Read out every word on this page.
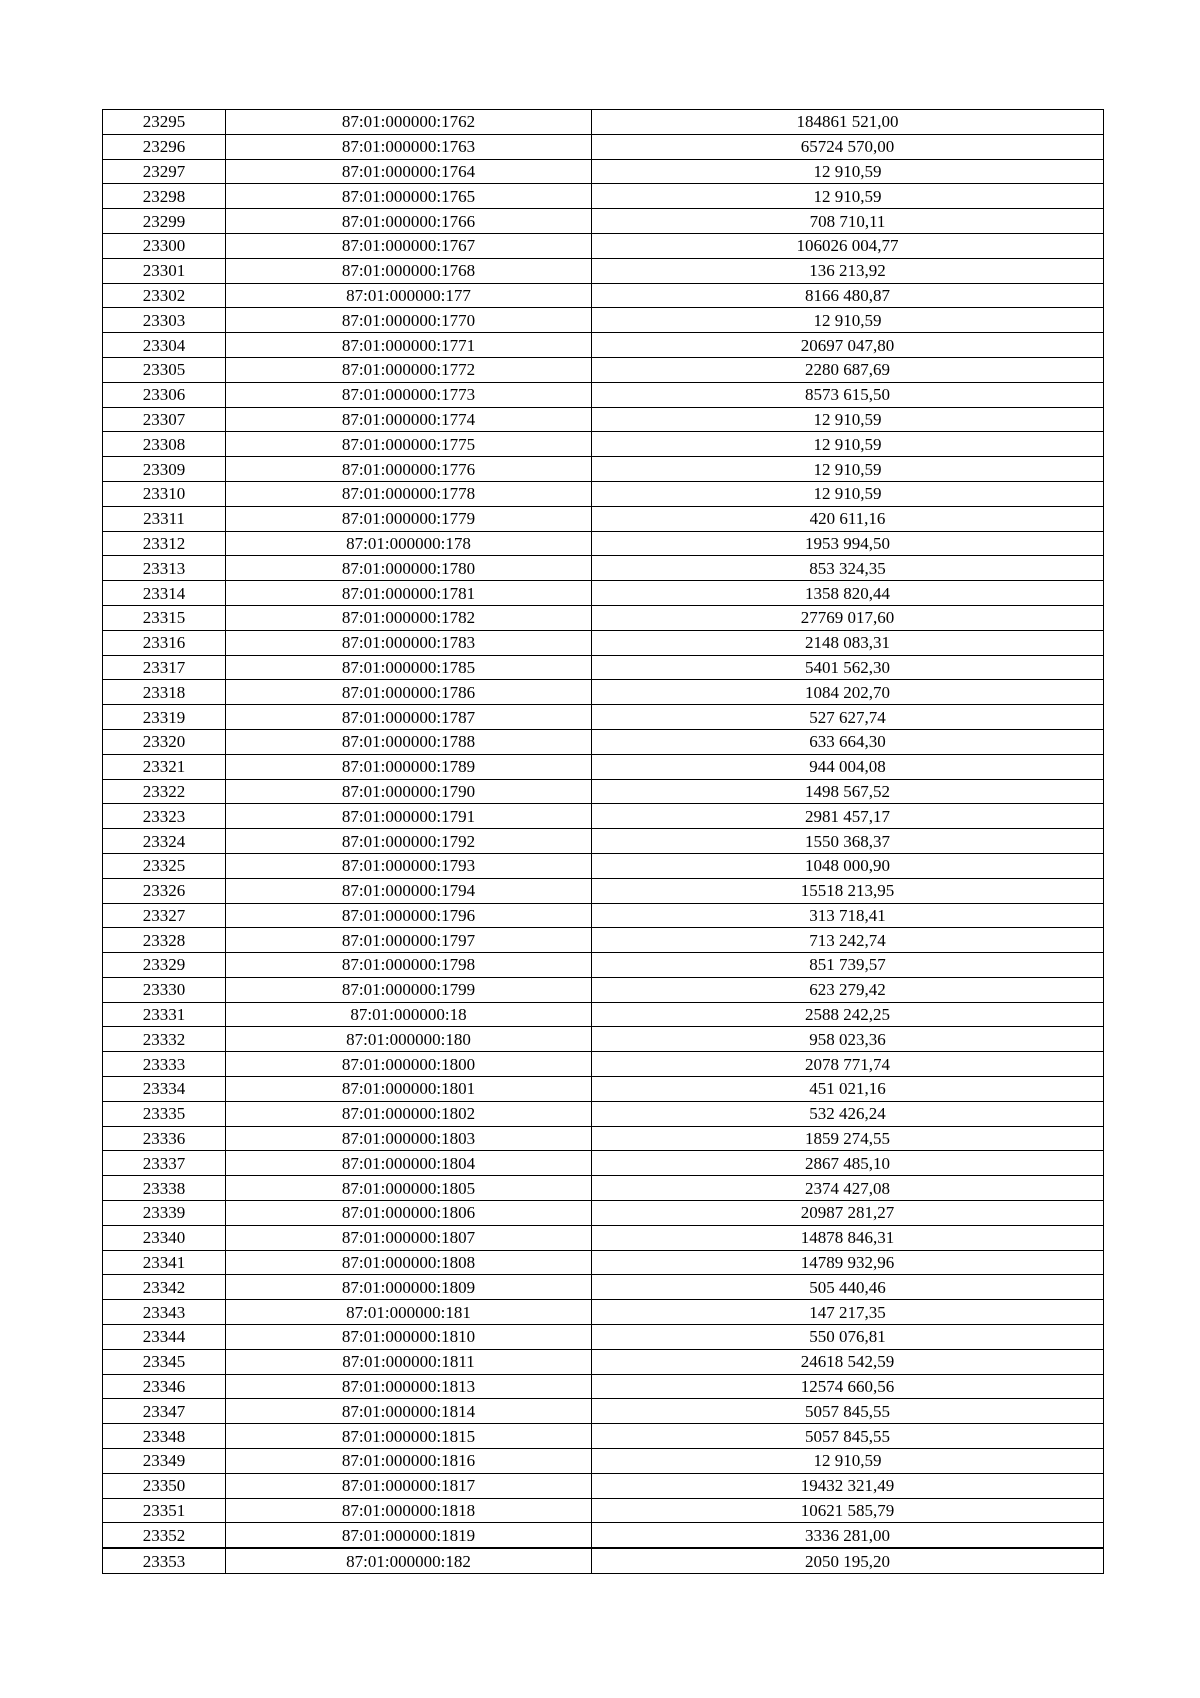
23295	87:01:000000:1762	184861 521,00
23296	87:01:000000:1763	65724 570,00
23297	87:01:000000:1764	12 910,59
23298	87:01:000000:1765	12 910,59
23299	87:01:000000:1766	708 710,11
23300	87:01:000000:1767	106026 004,77
23301	87:01:000000:1768	136 213,92
23302	87:01:000000:177	8166 480,87
23303	87:01:000000:1770	12 910,59
23304	87:01:000000:1771	20697 047,80
23305	87:01:000000:1772	2280 687,69
23306	87:01:000000:1773	8573 615,50
23307	87:01:000000:1774	12 910,59
23308	87:01:000000:1775	12 910,59
23309	87:01:000000:1776	12 910,59
23310	87:01:000000:1778	12 910,59
23311	87:01:000000:1779	420 611,16
23312	87:01:000000:178	1953 994,50
23313	87:01:000000:1780	853 324,35
23314	87:01:000000:1781	1358 820,44
23315	87:01:000000:1782	27769 017,60
23316	87:01:000000:1783	2148 083,31
23317	87:01:000000:1785	5401 562,30
23318	87:01:000000:1786	1084 202,70
23319	87:01:000000:1787	527 627,74
23320	87:01:000000:1788	633 664,30
23321	87:01:000000:1789	944 004,08
23322	87:01:000000:1790	1498 567,52
23323	87:01:000000:1791	2981 457,17
23324	87:01:000000:1792	1550 368,37
23325	87:01:000000:1793	1048 000,90
23326	87:01:000000:1794	15518 213,95
23327	87:01:000000:1796	313 718,41
23328	87:01:000000:1797	713 242,74
23329	87:01:000000:1798	851 739,57
23330	87:01:000000:1799	623 279,42
23331	87:01:000000:18	2588 242,25
23332	87:01:000000:180	958 023,36
23333	87:01:000000:1800	2078 771,74
23334	87:01:000000:1801	451 021,16
23335	87:01:000000:1802	532 426,24
23336	87:01:000000:1803	1859 274,55
23337	87:01:000000:1804	2867 485,10
23338	87:01:000000:1805	2374 427,08
23339	87:01:000000:1806	20987 281,27
23340	87:01:000000:1807	14878 846,31
23341	87:01:000000:1808	14789 932,96
23342	87:01:000000:1809	505 440,46
23343	87:01:000000:181	147 217,35
23344	87:01:000000:1810	550 076,81
23345	87:01:000000:1811	24618 542,59
23346	87:01:000000:1813	12574 660,56
23347	87:01:000000:1814	5057 845,55
23348	87:01:000000:1815	5057 845,55
23349	87:01:000000:1816	12 910,59
23350	87:01:000000:1817	19432 321,49
23351	87:01:000000:1818	10621 585,79
23352	87:01:000000:1819	3336 281,00
23353	87:01:000000:182	2050 195,20
